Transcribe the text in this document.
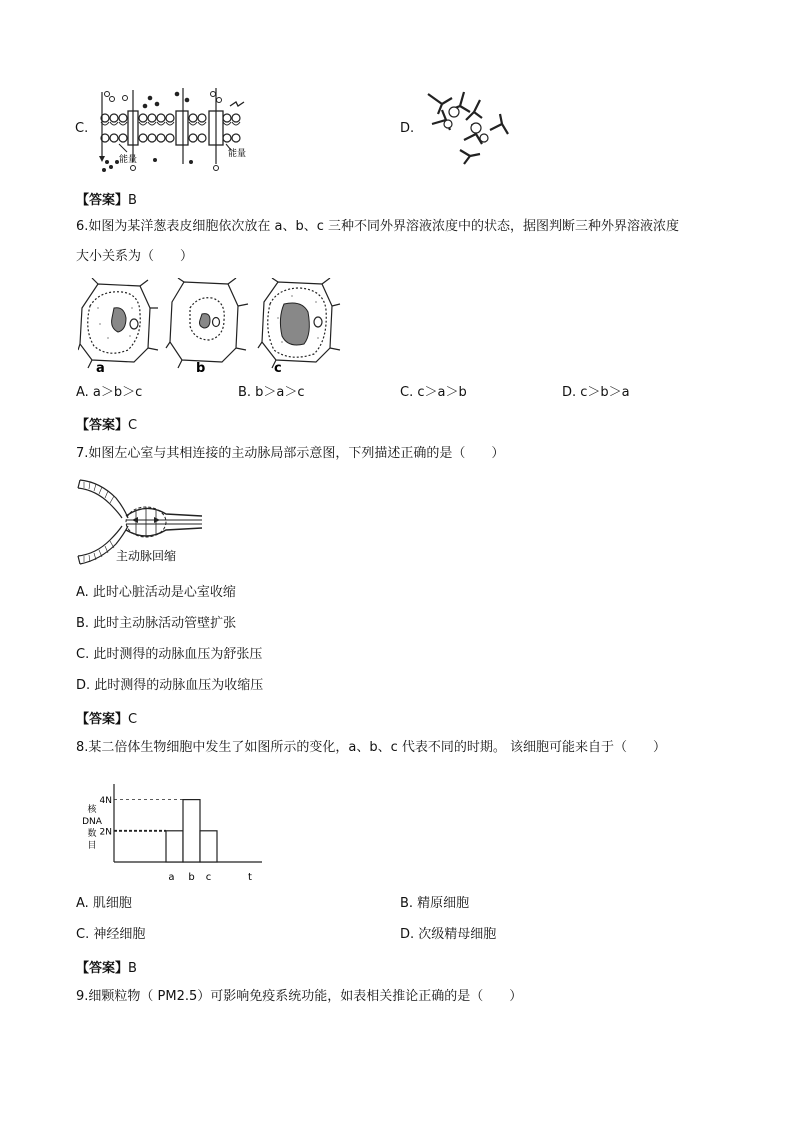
C.
能量
能量
D.
【答案】B
6.如图为某洋葱表皮细胞依次放在 a、b、c 三种不同外界溶液浓度中的状态，据图判断三种外界溶液浓度
大小关系为（　　）
a	b	c
A. a＞b＞c	B. b＞a＞c	C. c＞a＞b	D. c＞b＞a
【答案】C
7.如图左心室与其相连接的主动脉局部示意图，下列描述正确的是（　　）
主动脉回缩
A. 此时心脏活动是心室收缩
B. 此时主动脉活动管壁扩张
C. 此时测得的动脉血压为舒张压
D. 此时测得的动脉血压为收缩压
【答案】C
8.某二倍体生物细胞中发生了如图所示的变化，a、b、c 代表不同的时期。 该细胞可能来自于（　　）
核
DNA
数
目
4N
2N
a b c	t
A. 肌细胞	B. 精原细胞
C. 神经细胞	D. 次级精母细胞
【答案】B
9.细颗粒物（ PM2.5）可影响免疫系统功能，如表相关推论正确的是（　　）
